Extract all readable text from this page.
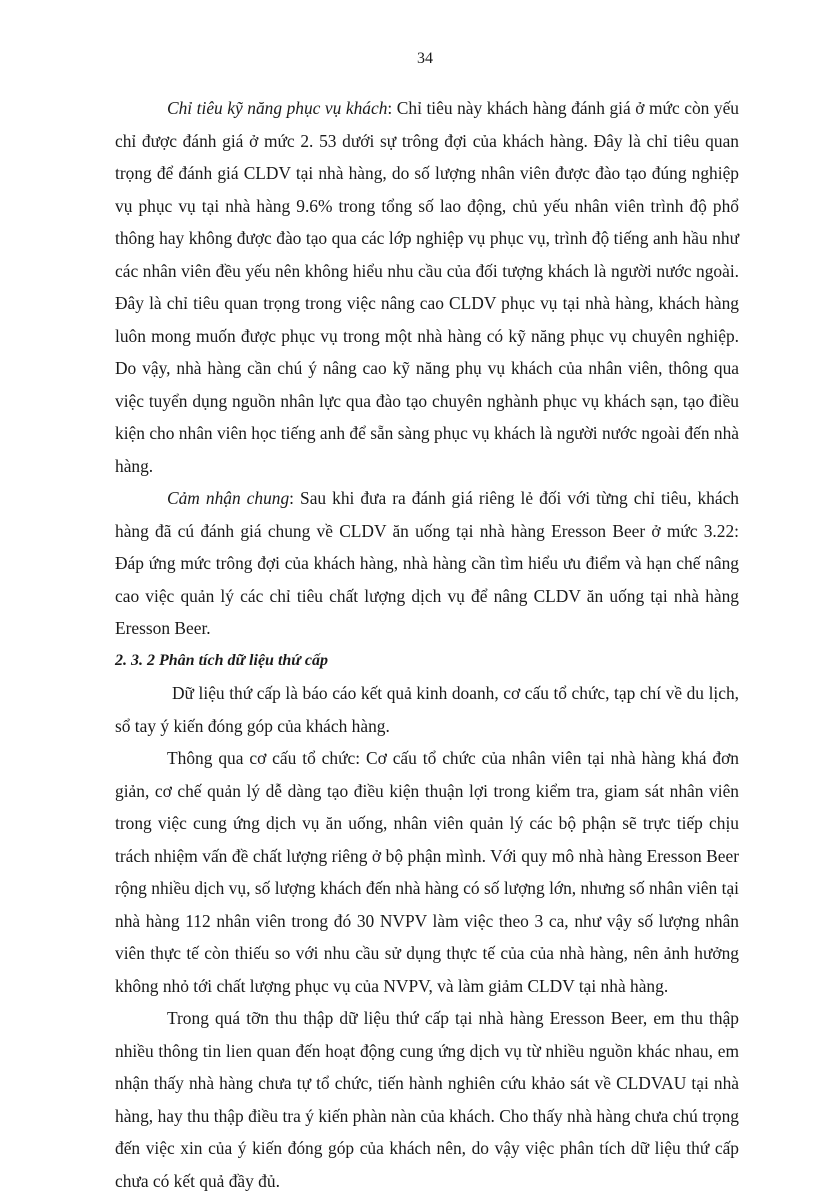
34

Chỉ tiêu kỹ năng phục vụ khách: Chỉ tiêu này khách hàng đánh giá ở mức còn yếu chỉ được đánh giá ở mức 2. 53 dưới sự trông đợi của khách hàng. Đây là chỉ tiêu quan trọng để đánh giá CLDV tại nhà hàng, do số lượng nhân viên được đào tạo đúng nghiệp vụ phục vụ tại nhà hàng 9.6% trong tổng số lao động, chủ yếu nhân viên trình độ phổ thông hay không được đào tạo qua các lớp nghiệp vụ phục vụ, trình độ tiếng anh hầu như các nhân viên đều yếu nên không hiểu nhu cầu của đối tượng khách là người nước ngoài. Đây là chỉ tiêu quan trọng trong việc nâng cao CLDV phục vụ tại nhà hàng, khách hàng luôn mong muốn được phục vụ trong một nhà hàng có kỹ năng phục vụ chuyên nghiệp. Do vậy, nhà hàng cần chú ý nâng cao kỹ năng phụ vụ khách của nhân viên, thông qua việc tuyển dụng nguồn nhân lực qua đào tạo chuyên nghành phục vụ khách sạn, tạo điều kiện cho nhân viên học tiếng anh để sẵn sàng phục vụ khách là người nước ngoài đến nhà hàng.

Cảm nhận chung: Sau khi đưa ra đánh giá riêng lẻ đối với từng chỉ tiêu, khách hàng đã cú đánh giá chung về CLDV ăn uống tại nhà hàng Eresson Beer ở mức 3.22: Đáp ứng mức trông đợi của khách hàng, nhà hàng cần tìm hiểu ưu điểm và hạn chế nâng cao việc quản lý các chỉ tiêu chất lượng dịch vụ để nâng CLDV ăn uống tại nhà hàng Eresson Beer.

2. 3. 2 Phân tích dữ liệu thứ cấp

Dữ liệu thứ cấp là báo cáo kết quả kinh doanh, cơ cấu tổ chức, tạp chí về du lịch, sổ tay ý kiến đóng góp của khách hàng.

Thông qua cơ cấu tổ chức: Cơ cấu tổ chức của nhân viên tại nhà hàng khá đơn giản, cơ chế quản lý dễ dàng tạo điều kiện thuận lợi trong kiểm tra, giam sát nhân viên trong việc cung ứng dịch vụ ăn uống, nhân viên quản lý các bộ phận sẽ trực tiếp chịu trách nhiệm vấn đề chất lượng riêng ở bộ phận mình. Với quy mô nhà hàng Eresson Beer rộng nhiều dịch vụ, số lượng khách đến nhà hàng có số lượng lớn, nhưng số nhân viên tại nhà hàng 112 nhân viên trong đó 30 NVPV làm việc theo 3 ca, như vậy số lượng nhân viên thực tế còn thiếu so với nhu cầu sử dụng thực tế của của nhà hàng, nên ảnh hưởng không nhỏ tới chất lượng phục vụ của NVPV, và làm giảm CLDV tại nhà hàng.

Trong quá tỡn thu thập dữ liệu thứ cấp tại nhà hàng Eresson Beer, em thu thập nhiều thông tin lien quan đến hoạt động cung ứng dịch vụ từ nhiều nguồn khác nhau, em nhận thấy nhà hàng chưa tự tổ chức, tiến hành nghiên cứu khảo sát về CLDVAU tại nhà hàng, hay thu thập điều tra ý kiến phàn nàn của khách. Cho thấy nhà hàng chưa chú trọng đến việc xin của ý kiến đóng góp của khách nên, do vậy việc phân tích dữ liệu thứ cấp chưa có kết quả đầy đủ.
